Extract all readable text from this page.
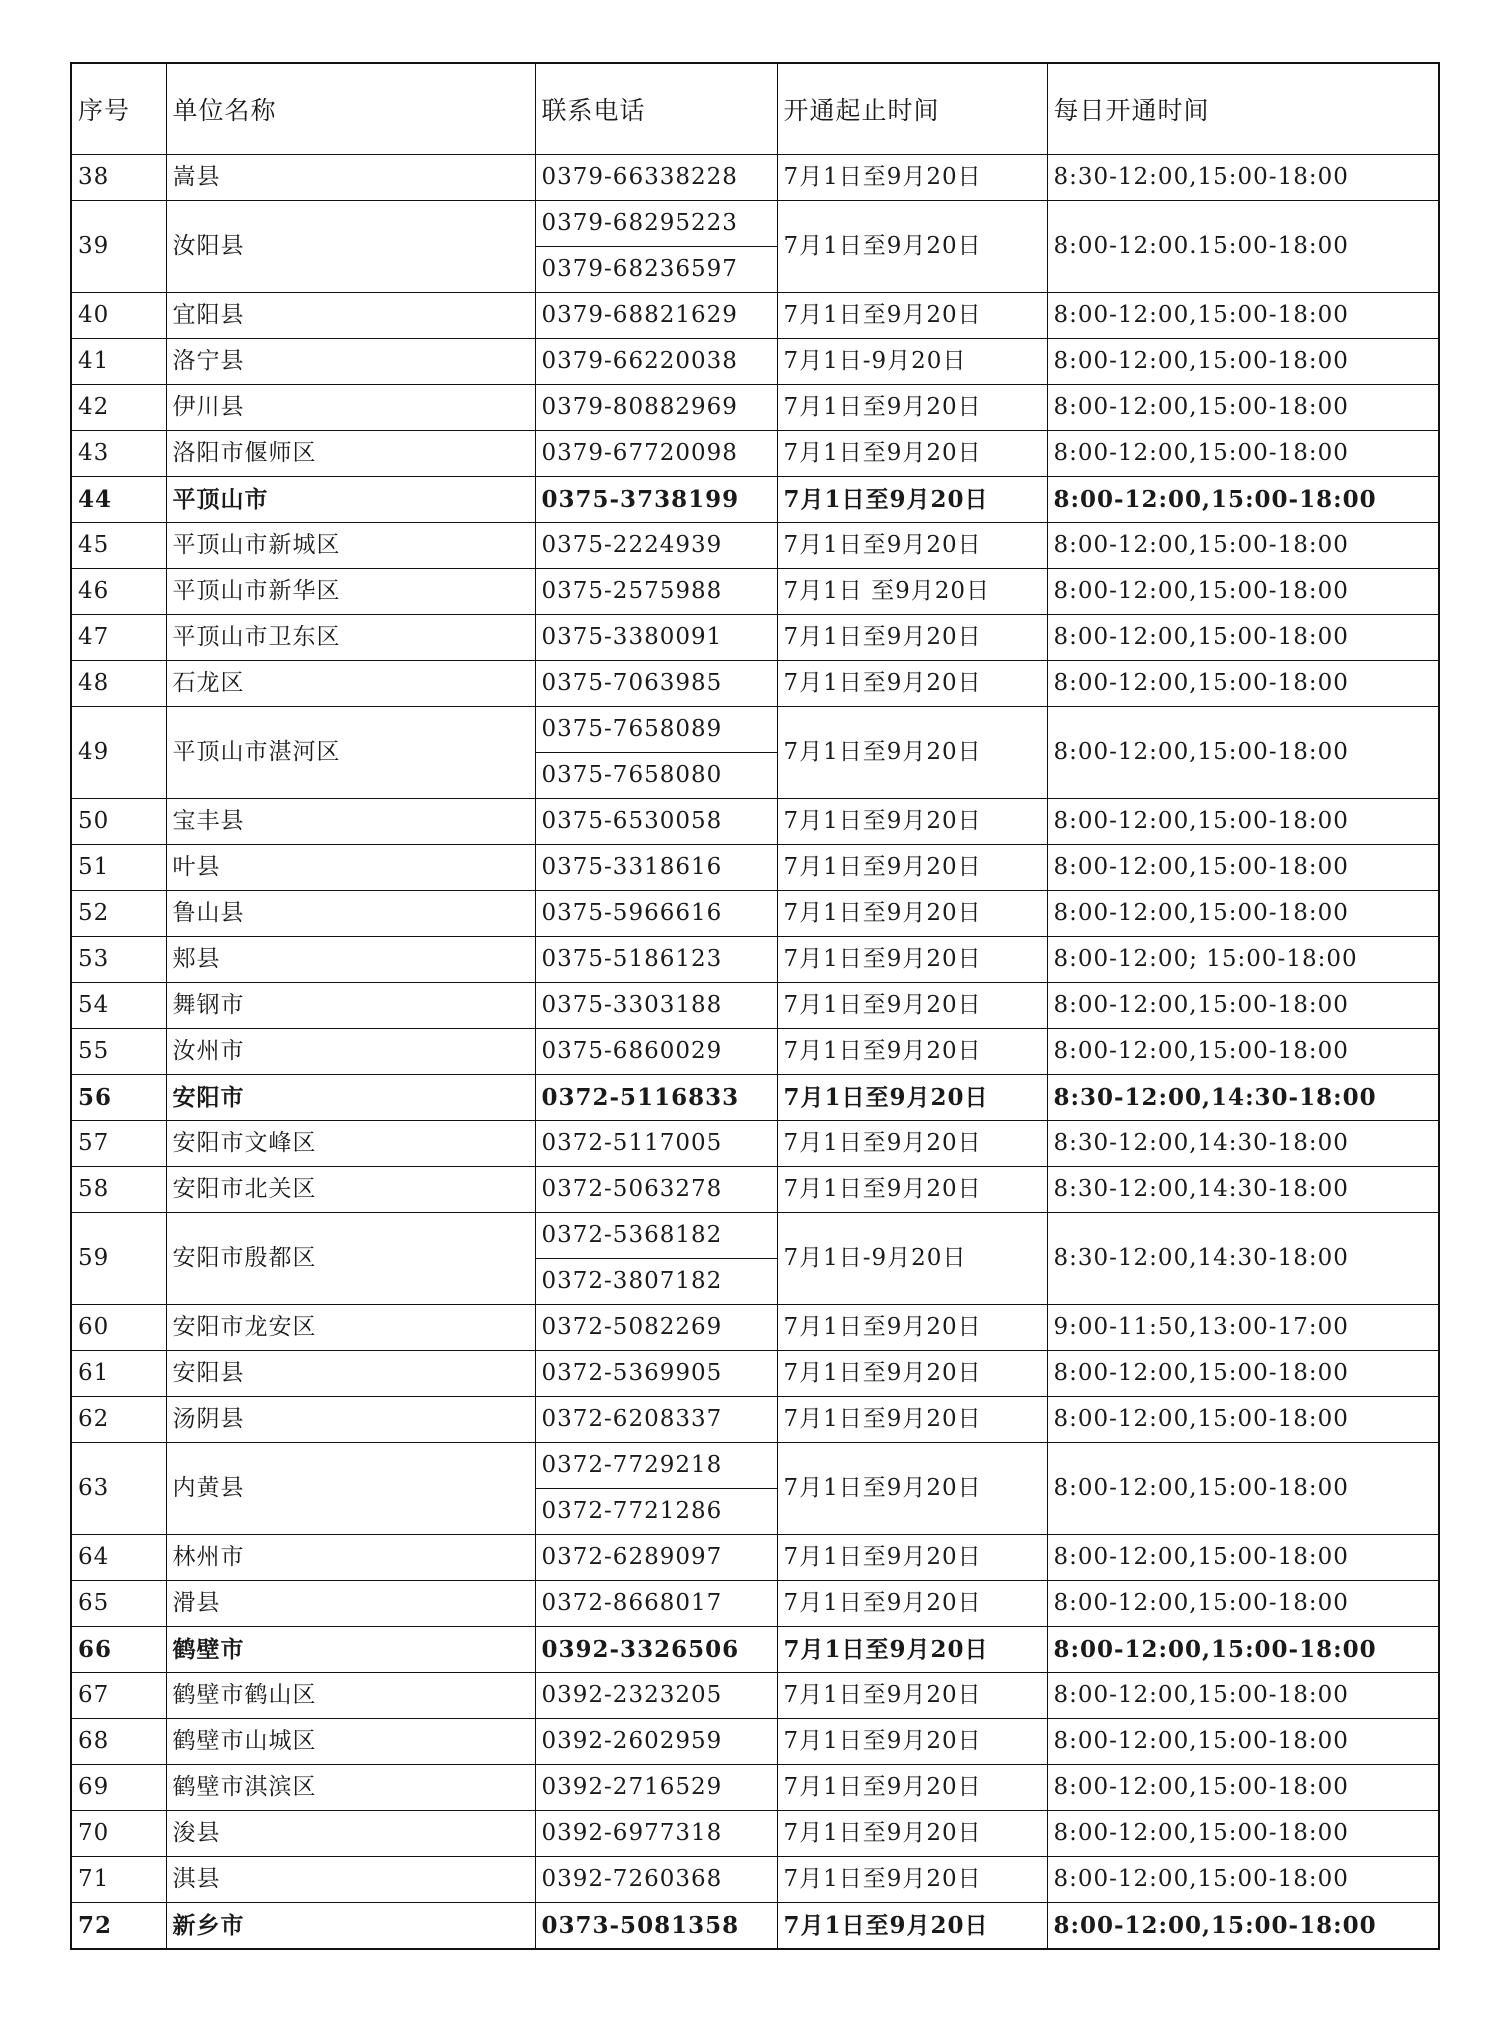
序号	单位名称	联系电话	开通起止时间	每日开通时间
38	嵩县	0379-66338228	7月1日至9月20日	8:30-12:00,15:00-18:00
39	汝阳县	0379-68295223	7月1日至9月20日	8:00-12:00.15:00-18:00
		0379-68236597		
40	宜阳县	0379-68821629	7月1日至9月20日	8:00-12:00,15:00-18:00
41	洛宁县	0379-66220038	7月1日-9月20日	8:00-12:00,15:00-18:00
42	伊川县	0379-80882969	7月1日至9月20日	8:00-12:00,15:00-18:00
43	洛阳市偃师区	0379-67720098	7月1日至9月20日	8:00-12:00,15:00-18:00
44	平顶山市	0375-3738199	7月1日至9月20日	8:00-12:00,15:00-18:00
45	平顶山市新城区	0375-2224939	7月1日至9月20日	8:00-12:00,15:00-18:00
46	平顶山市新华区	0375-2575988	7月1日 至9月20日	8:00-12:00,15:00-18:00
47	平顶山市卫东区	0375-3380091	7月1日至9月20日	8:00-12:00,15:00-18:00
48	石龙区	0375-7063985	7月1日至9月20日	8:00-12:00,15:00-18:00
49	平顶山市湛河区	0375-7658089	7月1日至9月20日	8:00-12:00,15:00-18:00
		0375-7658080		
50	宝丰县	0375-6530058	7月1日至9月20日	8:00-12:00,15:00-18:00
51	叶县	0375-3318616	7月1日至9月20日	8:00-12:00,15:00-18:00
52	鲁山县	0375-5966616	7月1日至9月20日	8:00-12:00,15:00-18:00
53	郏县	0375-5186123	7月1日至9月20日	8:00-12:00; 15:00-18:00
54	舞钢市	0375-3303188	7月1日至9月20日	8:00-12:00,15:00-18:00
55	汝州市	0375-6860029	7月1日至9月20日	8:00-12:00,15:00-18:00
56	安阳市	0372-5116833	7月1日至9月20日	8:30-12:00,14:30-18:00
57	安阳市文峰区	0372-5117005	7月1日至9月20日	8:30-12:00,14:30-18:00
58	安阳市北关区	0372-5063278	7月1日至9月20日	8:30-12:00,14:30-18:00
59	安阳市殷都区	0372-5368182	7月1日-9月20日	8:30-12:00,14:30-18:00
		0372-3807182		
60	安阳市龙安区	0372-5082269	7月1日至9月20日	9:00-11:50,13:00-17:00
61	安阳县	0372-5369905	7月1日至9月20日	8:00-12:00,15:00-18:00
62	汤阴县	0372-6208337	7月1日至9月20日	8:00-12:00,15:00-18:00
63	内黄县	0372-7729218	7月1日至9月20日	8:00-12:00,15:00-18:00
		0372-7721286		
64	林州市	0372-6289097	7月1日至9月20日	8:00-12:00,15:00-18:00
65	滑县	0372-8668017	7月1日至9月20日	8:00-12:00,15:00-18:00
66	鹤壁市	0392-3326506	7月1日至9月20日	8:00-12:00,15:00-18:00
67	鹤壁市鹤山区	0392-2323205	7月1日至9月20日	8:00-12:00,15:00-18:00
68	鹤壁市山城区	0392-2602959	7月1日至9月20日	8:00-12:00,15:00-18:00
69	鹤壁市淇滨区	0392-2716529	7月1日至9月20日	8:00-12:00,15:00-18:00
70	浚县	0392-6977318	7月1日至9月20日	8:00-12:00,15:00-18:00
71	淇县	0392-7260368	7月1日至9月20日	8:00-12:00,15:00-18:00
72	新乡市	0373-5081358	7月1日至9月20日	8:00-12:00,15:00-18:00
